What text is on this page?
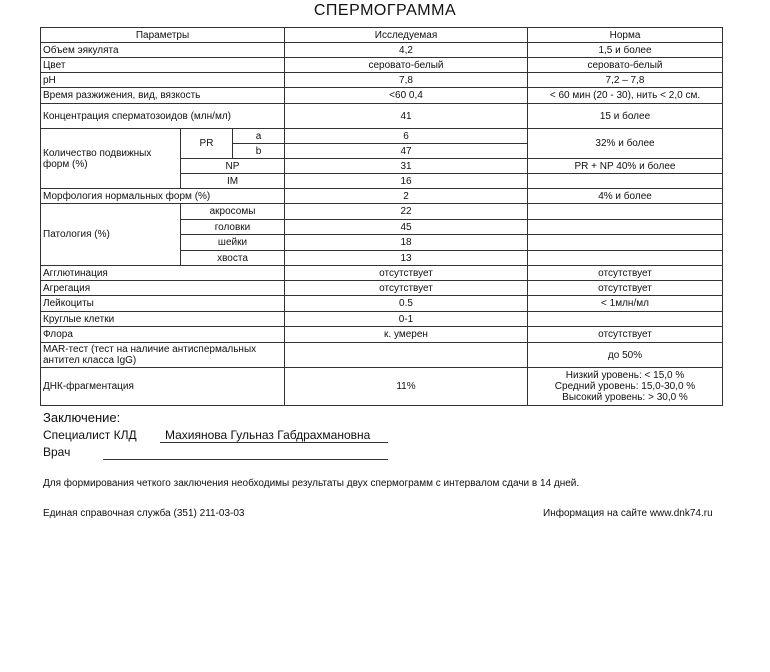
СПЕРМОГРАММА
Параметры			Исследуемая	Норма
Объем эякулята			4,2	1,5 и более
Цвет			серовато-белый	серовато-белый
pH			7,8	7,2 – 7,8
Время разжижения, вид, вязкость			<60 0,4	< 60 мин (20 - 30), нить < 2,0 см.
Концентрация сперматозоидов (млн/мл)			41	15 и более
Количество подвижных форм (%)	PR	a	6	32% и более
		b	47	
	NP		31	PR + NP 40% и более
	IM		16	
Морфология нормальных форм (%)			2	4% и более
Патология (%)	акросомы		22	
	головки		45	
	шейки		18	
	хвоста		13	
Агглютинация			отсутствует	отсутствует
Агрегация			отсутствует	отсутствует
Лейкоциты			0.5	< 1млн/мл
Круглые клетки			0-1	
Флора			к. умерен	отсутствует
MAR-тест (тест на наличие антиспермальных антител класса IgG)				до 50%
ДНК-фрагментация			11%	Низкий уровень: < 15,0 %
Средний уровень: 15,0-30,0 %
Высокий уровень: > 30,0 %
Заключение:
Специалист КЛД Махиянова Гульназ Габдрахмановна
Врач
Для формирования четкого заключения необходимы результаты двух спермограмм с интервалом сдачи в 14 дней.
Единая справочная служба (351) 211-03-03	Информация на сайте www.dnk74.ru
